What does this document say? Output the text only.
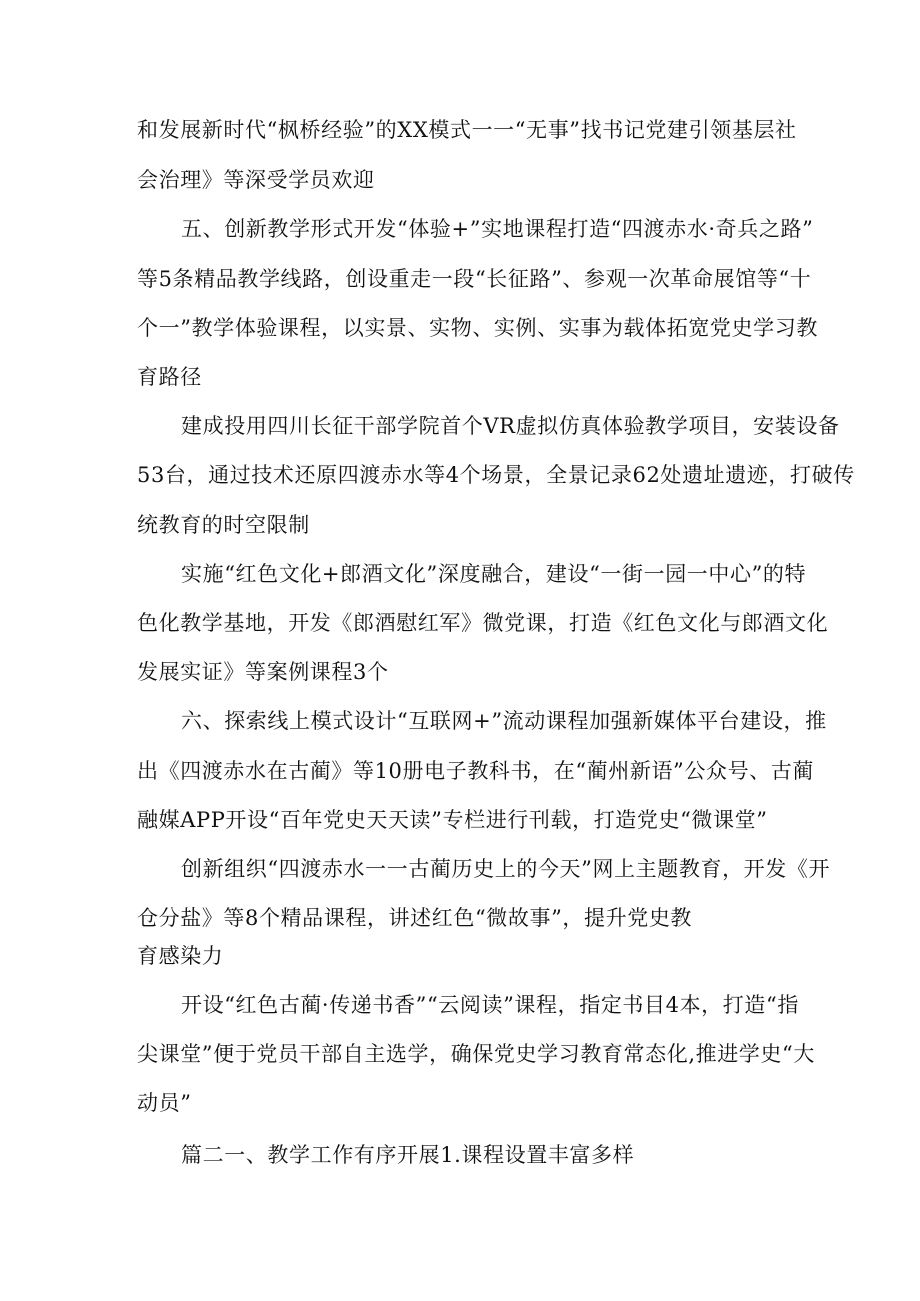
和发展新时代“枫桥经验”的XX模式一一“无事”找书记党建引领基层社
会治理》等深受学员欢迎
五、创新教学形式开发“体验+”实地课程打造“四渡赤水·奇兵之路”
等5条精品教学线路，创设重走一段“长征路”、参观一次革命展馆等“十
个一”教学体验课程，以实景、实物、实例、实事为载体拓宽党史学习教
育路径
建成投用四川长征干部学院首个VR虚拟仿真体验教学项目，安装设备
53台，通过技术还原四渡赤水等4个场景，全景记录62处遗址遗迹，打破传
统教育的时空限制
实施“红色文化+郎酒文化”深度融合，建设“一街一园一中心”的特
色化教学基地，开发《郎酒慰红军》微党课，打造《红色文化与郎酒文化
发展实证》等案例课程3个
六、探索线上模式设计“互联网+”流动课程加强新媒体平台建设，推
出《四渡赤水在古蔺》等10册电子教科书，在“蔺州新语”公众号、古蔺
融媒APP开设“百年党史天天读”专栏进行刊载，打造党史“微课堂”
创新组织“四渡赤水一一古蔺历史上的今天”网上主题教育，开发《开
仓分盐》等8个精品课程，讲述红色“微故事”，提升党史教
育感染力
开设“红色古蔺·传递书香”“云阅读”课程，指定书目4本，打造“指
尖课堂”便于党员干部自主选学，确保党史学习教育常态化,推进学史“大
动员”
篇二一、教学工作有序开展1.课程设置丰富多样
